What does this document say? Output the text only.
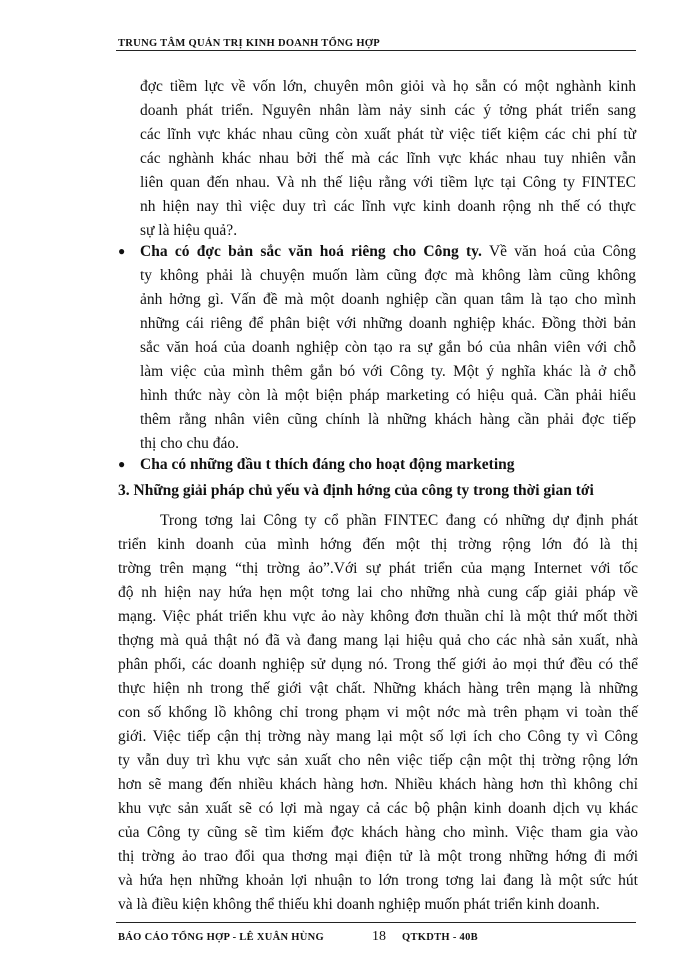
TRUNG TÂM QUẢN TRỊ KINH DOANH TỔNG HỢP
đợc tiềm lực về vốn lớn, chuyên môn giỏi và họ sẵn có một nghành kinh
doanh phát triển. Nguyên nhân làm nảy sinh các ý tởng phát triển sang
các lĩnh vực khác nhau cũng còn xuất phát từ việc tiết kiệm các chi phí từ
các nghành khác nhau bởi thế mà các lĩnh vực khác nhau tuy nhiên vẫn
liên quan đến nhau. Và nh thế liệu rằng với tiềm lực tại Công ty FINTEC
nh hiện nay thì việc duy trì các lĩnh vực kinh doanh rộng nh thế có thực
sự là hiệu quả?.
● Cha có đợc bản sắc văn hoá riêng cho Công ty. Về văn hoá của Công
ty không phải là chuyện muốn làm cũng đợc mà không làm cũng không
ảnh hởng gì. Vấn đề mà một doanh nghiệp cần quan tâm là tạo cho mình
những cái riêng để phân biệt với những doanh nghiệp khác. Đồng thời bản
sắc văn hoá của doanh nghiệp còn tạo ra sự gắn bó của nhân viên với chỗ
làm việc của mình thêm gắn bó với Công ty. Một ý nghĩa khác là ở chỗ
hình thức này còn là một biện pháp marketing có hiệu quả. Cần phải hiểu
thêm rằng nhân viên cũng chính là những khách hàng cần phải đợc tiếp
thị cho chu đáo.
● Cha có những đầu t thích đáng cho hoạt động marketing
3. Những giải pháp chủ yếu và định hớng của công ty trong thời gian tới
Trong tơng lai Công ty cổ phần FINTEC đang có những dự định phát
triển kinh doanh của mình hớng đến một thị trờng rộng lớn đó là thị
trờng trên mạng “thị trờng ảo”.Với sự phát triển của mạng Internet với tốc
độ nh hiện nay hứa hẹn một tơng lai cho những nhà cung cấp giải pháp về
mạng. Việc phát triển khu vực ảo này không đơn thuần chỉ là một thứ mốt thời
thợng mà quả thật nó đã và đang mang lại hiệu quả cho các nhà sản xuất, nhà
phân phối, các doanh nghiệp sử dụng nó. Trong thế giới ảo mọi thứ đều có thể
thực hiện nh trong thế giới vật chất. Những khách hàng trên mạng là những
con số khổng lồ không chỉ trong phạm vi một nớc mà trên phạm vi toàn thế
giới. Việc tiếp cận thị trờng này mang lại một số lợi ích cho Công ty vì Công
ty vẫn duy trì khu vực sản xuất cho nên việc tiếp cận một thị trờng rộng lớn
hơn sẽ mang đến nhiều khách hàng hơn. Nhiều khách hàng hơn thì không chỉ
khu vực sản xuất sẽ có lợi mà ngay cả các bộ phận kinh doanh dịch vụ khác
của Công ty cũng sẽ tìm kiếm đợc khách hàng cho mình. Việc tham gia vào
thị trờng ảo trao đổi qua thơng mại điện tử là một trong những hớng đi mới
và hứa hẹn những khoản lợi nhuận to lớn trong tơng lai đang là một sức hút
và là điều kiện không thể thiếu khi doanh nghiệp muốn phát triển kinh doanh.
BÁO CÁO TỔNG HỢP - LÊ XUÂN HÙNG	18 QTKDTH - 40B
